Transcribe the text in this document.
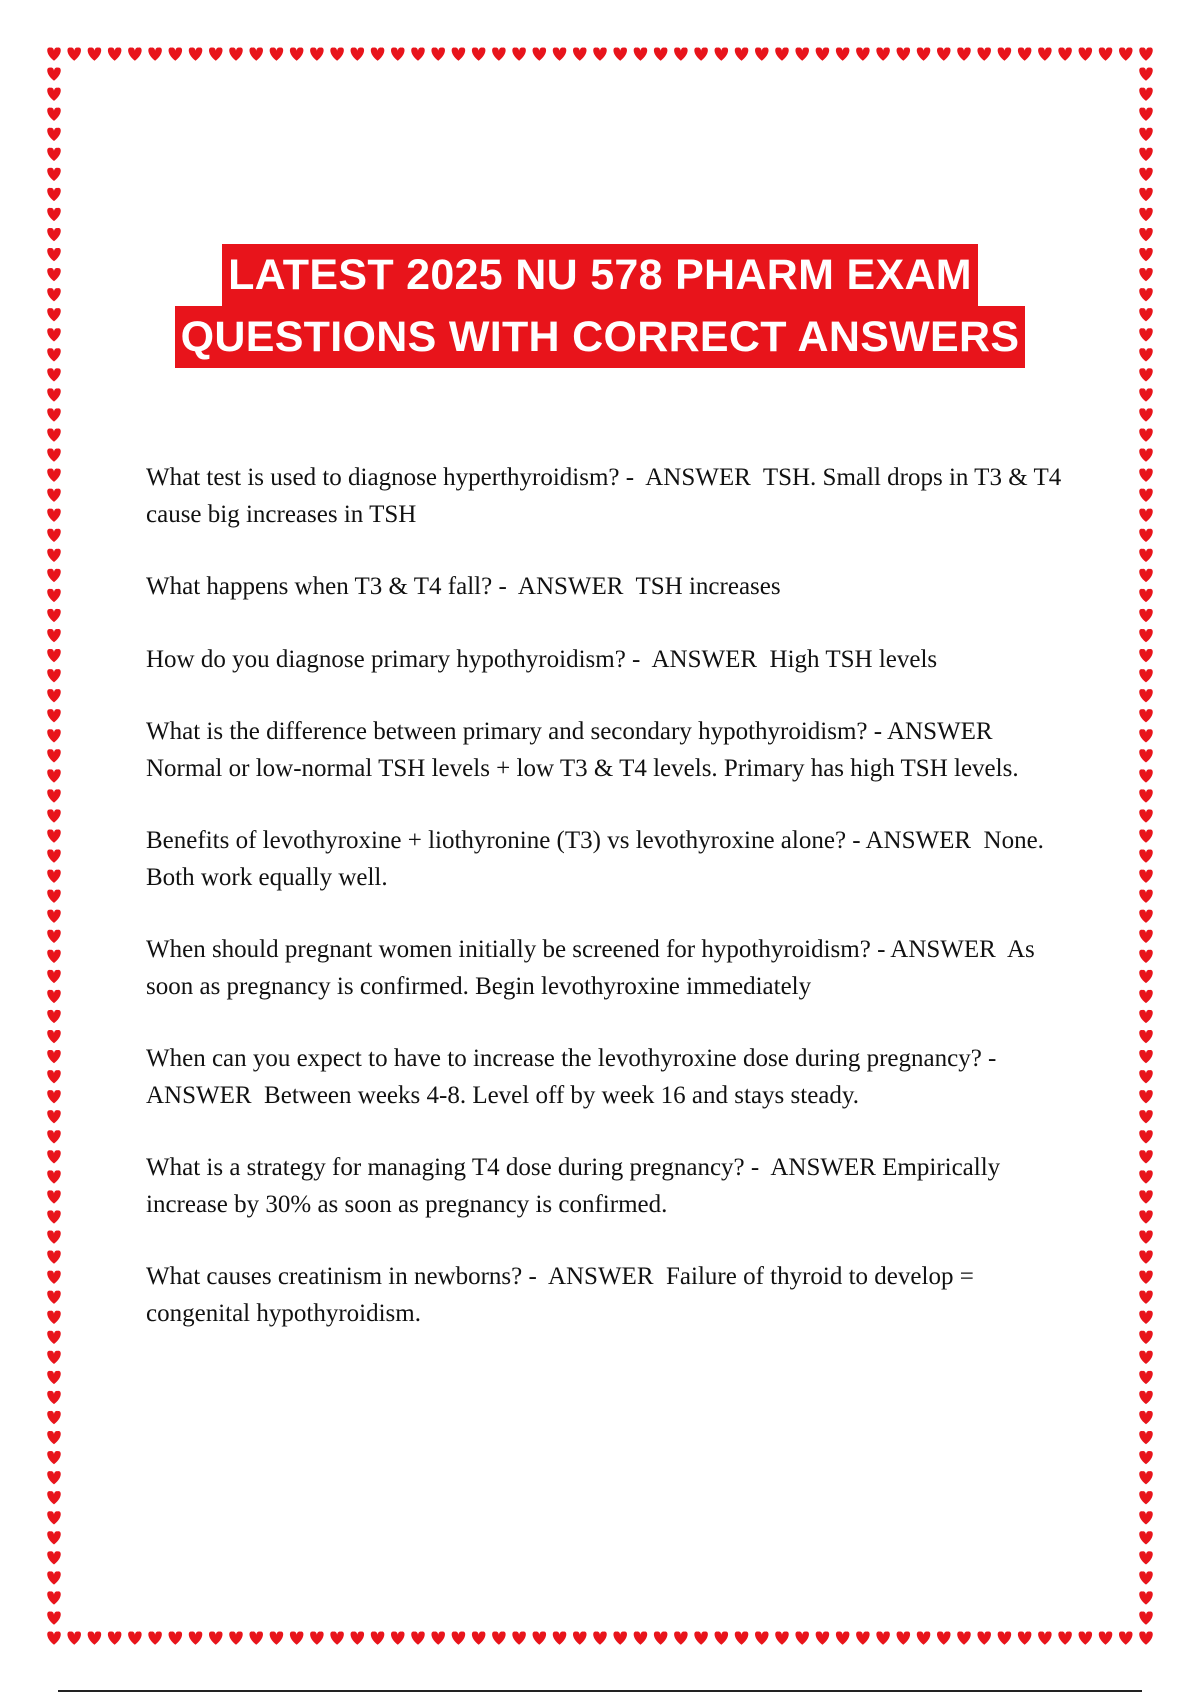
LATEST 2025 NU 578 PHARM EXAM
QUESTIONS WITH CORRECT ANSWERS
What test is used to diagnose hyperthyroidism? -  ANSWER  TSH. Small drops in T3 & T4 cause big increases in TSH
What happens when T3 & T4 fall? -  ANSWER  TSH increases
How do you diagnose primary hypothyroidism? -  ANSWER  High TSH levels
What is the difference between primary and secondary hypothyroidism? - ANSWER  Normal or low-normal TSH levels + low T3 & T4 levels. Primary has high TSH levels.
Benefits of levothyroxine + liothyronine (T3) vs levothyroxine alone? - ANSWER  None. Both work equally well.
When should pregnant women initially be screened for hypothyroidism? - ANSWER  As soon as pregnancy is confirmed. Begin levothyroxine immediately
When can you expect to have to increase the levothyroxine dose during pregnancy? -  ANSWER  Between weeks 4-8. Level off by week 16 and stays steady.
What is a strategy for managing T4 dose during pregnancy? -  ANSWER Empirically increase by 30% as soon as pregnancy is confirmed.
What causes creatinism in newborns? -  ANSWER  Failure of thyroid to develop = congenital hypothyroidism.
